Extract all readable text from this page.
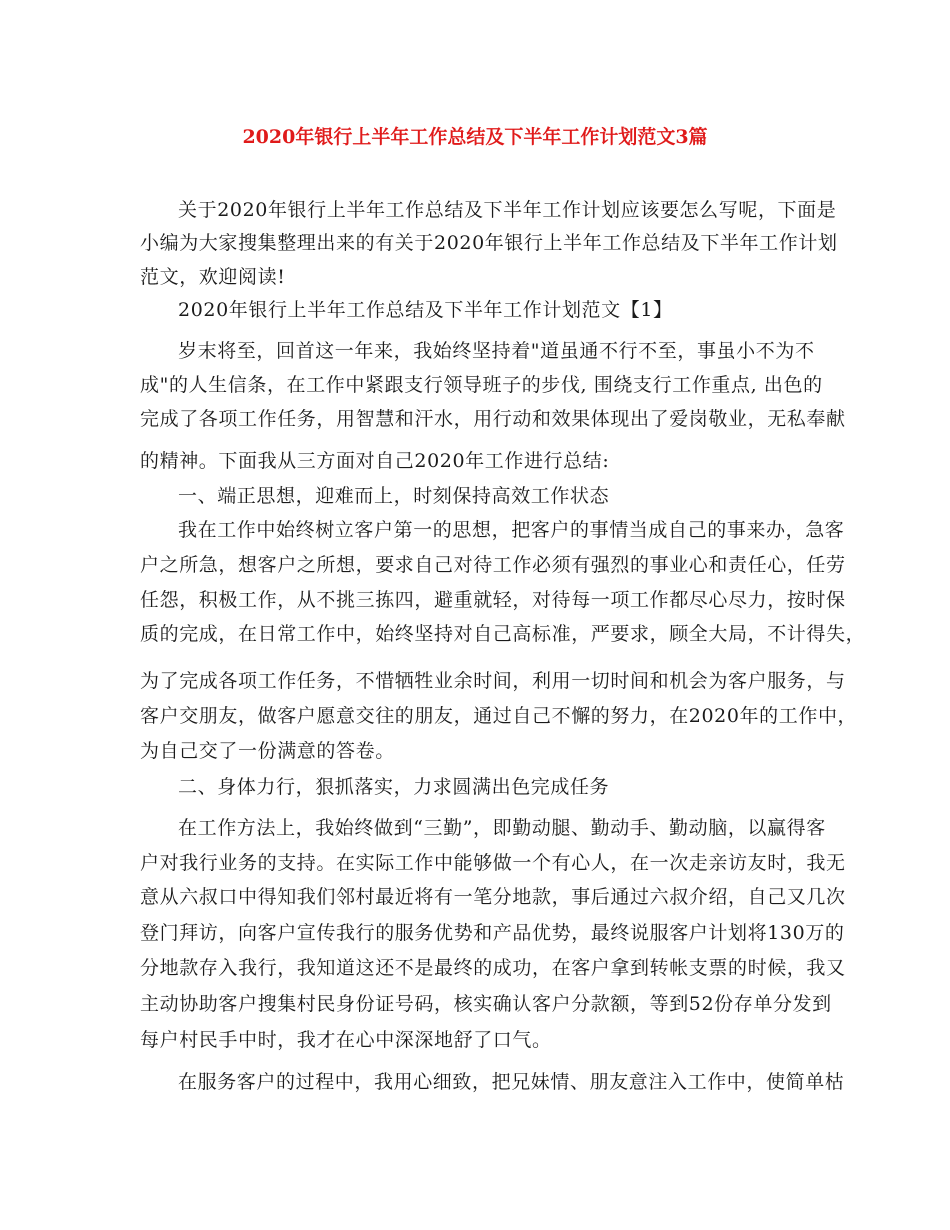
2020年银行上半年工作总结及下半年工作计划范文3篇
关于2020年银行上半年工作总结及下半年工作计划应该要怎么写呢，下面是
小编为大家搜集整理出来的有关于2020年银行上半年工作总结及下半年工作计划
范文，欢迎阅读!
2020年银行上半年工作总结及下半年工作计划范文【1】
岁末将至，回首这一年来，我始终坚持着"道虽通不行不至，事虽小不为不
成"的人生信条，在工作中紧跟支行领导班子的步伐, 围绕支行工作重点, 出色的
完成了各项工作任务，用智慧和汗水，用行动和效果体现出了爱岗敬业，无私奉献
的精神。下面我从三方面对自己2020年工作进行总结:
一、端正思想，迎难而上，时刻保持高效工作状态
我在工作中始终树立客户第一的思想，把客户的事情当成自己的事来办，急客
户之所急，想客户之所想，要求自己对待工作必须有强烈的事业心和责任心，任劳
任怨，积极工作，从不挑三拣四，避重就轻，对待每一项工作都尽心尽力，按时保
质的完成，在日常工作中，始终坚持对自己高标准，严要求，顾全大局，不计得失，
为了完成各项工作任务，不惜牺牲业余时间，利用一切时间和机会为客户服务，与
客户交朋友，做客户愿意交往的朋友，通过自己不懈的努力，在2020年的工作中，
为自己交了一份满意的答卷。
二、身体力行，狠抓落实，力求圆满出色完成任务
在工作方法上，我始终做到“三勤”，即勤动腿、勤动手、勤动脑，以赢得客
户对我行业务的支持。在实际工作中能够做一个有心人，在一次走亲访友时，我无
意从六叔口中得知我们邻村最近将有一笔分地款，事后通过六叔介绍，自己又几次
登门拜访，向客户宣传我行的服务优势和产品优势，最终说服客户计划将130万的
分地款存入我行，我知道这还不是最终的成功，在客户拿到转帐支票的时候，我又
主动协助客户搜集村民身份证号码，核实确认客户分款额，等到52份存单分发到
每户村民手中时，我才在心中深深地舒了口气。
在服务客户的过程中，我用心细致，把兄妹情、朋友意注入工作中，使简单枯
